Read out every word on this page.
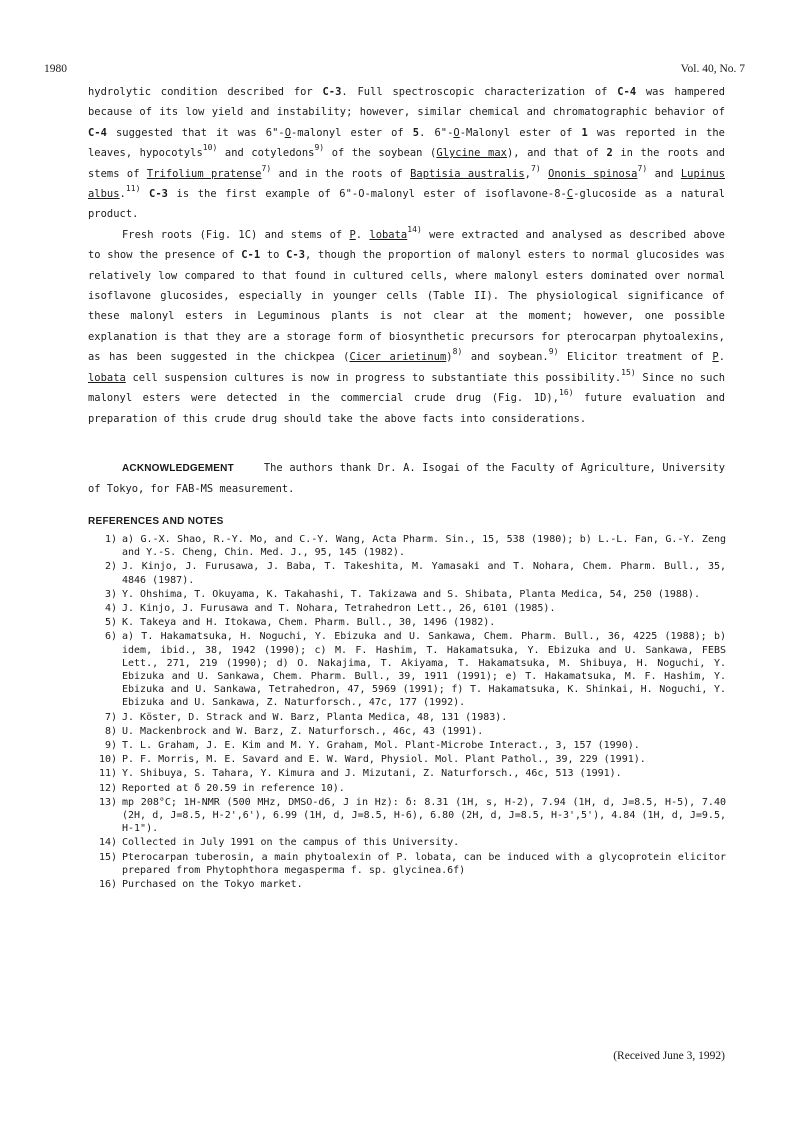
1980	Vol. 40, No. 7

hydrolytic condition described for C-3. Full spectroscopic characterization of C-4 was hampered because of its low yield and instability; however, similar chemical and chromatographic behavior of C-4 suggested that it was 6"-O-malonyl ester of 5. 6"-O-Malonyl ester of 1 was reported in the leaves, hypocotyls$^{10)}$ and cotyledons$^{9)}$ of the soybean (Glycine max), and that of 2 in the roots and stems of Trifolium pratense$^{7)}$ and in the roots of Baptisia australis,$^{7)}$ Ononis spinosa$^{7)}$ and Lupinus albus.$^{11)}$ C-3 is the first example of 6"-O-malonyl ester of isoflavone-8-C-glucoside as a natural product.

Fresh roots (Fig. 1C) and stems of P. lobata$^{14)}$ were extracted and analysed as described above to show the presence of C-1 to C-3, though the proportion of malonyl esters to normal glucosides was relatively low compared to that found in cultured cells, where malonyl esters dominated over normal isoflavone glucosides, especially in younger cells (Table II). The physiological significance of these malonyl esters in Leguminous plants is not clear at the moment; however, one possible explanation is that they are a storage form of biosynthetic precursors for pterocarpan phytoalexins, as has been suggested in the chickpea (Cicer arietinum)$^{8)}$ and soybean.$^{9)}$ Elicitor treatment of P. lobata cell suspension cultures is now in progress to substantiate this possibility.$^{15)}$ Since no such malonyl esters were detected in the commercial crude drug (Fig. 1D),$^{16)}$ future evaluation and preparation of this crude drug should take the above facts into considerations.

ACKNOWLEDGEMENT	The authors thank Dr. A. Isogai of the Faculty of Agriculture, University of Tokyo, for FAB-MS measurement.
REFERENCES AND NOTES
1) a) G.-X. Shao, R.-Y. Mo, and C.-Y. Wang, Acta Pharm. Sin., 15, 538 (1980); b) L.-L. Fan, G.-Y. Zeng and Y.-S. Cheng, Chin. Med. J., 95, 145 (1982).
2) J. Kinjo, J. Furusawa, J. Baba, T. Takeshita, M. Yamasaki and T. Nohara, Chem. Pharm. Bull., 35, 4846 (1987).
3) Y. Ohshima, T. Okuyama, K. Takahashi, T. Takizawa and S. Shibata, Planta Medica, 54, 250 (1988).
4) J. Kinjo, J. Furusawa and T. Nohara, Tetrahedron Lett., 26, 6101 (1985).
5) K. Takeya and H. Itokawa, Chem. Pharm. Bull., 30, 1496 (1982).
6) a) T. Hakamatsuka, H. Noguchi, Y. Ebizuka and U. Sankawa, Chem. Pharm. Bull., 36, 4225 (1988); b) idem, ibid., 38, 1942 (1990); c) M. F. Hashim, T. Hakamatsuka, Y. Ebizuka and U. Sankawa, FEBS Lett., 271, 219 (1990); d) O. Nakajima, T. Akiyama, T. Hakamatsuka, M. Shibuya, H. Noguchi, Y. Ebizuka and U. Sankawa, Chem. Pharm. Bull., 39, 1911 (1991); e) T. Hakamatsuka, M. F. Hashim, Y. Ebizuka and U. Sankawa, Tetrahedron, 47, 5969 (1991); f) T. Hakamatsuka, K. Shinkai, H. Noguchi, Y. Ebizuka and U. Sankawa, Z. Naturforsch., 47c, 177 (1992).
7) J. Köster, D. Strack and W. Barz, Planta Medica, 48, 131 (1983).
8) U. Mackenbrock and W. Barz, Z. Naturforsch., 46c, 43 (1991).
9) T. L. Graham, J. E. Kim and M. Y. Graham, Mol. Plant-Microbe Interact., 3, 157 (1990).
10) P. F. Morris, M. E. Savard and E. W. Ward, Physiol. Mol. Plant Pathol., 39, 229 (1991).
11) Y. Shibuya, S. Tahara, Y. Kimura and J. Mizutani, Z. Naturforsch., 46c, 513 (1991).
12) Reported at δ 20.59 in reference 10).
13) mp 208°C; 1H-NMR (500 MHz, DMSO-d6, J in Hz): δ: 8.31 (1H, s, H-2), 7.94 (1H, d, J=8.5, H-5), 7.40 (2H, d, J=8.5, H-2',6'), 6.99 (1H, d, J=8.5, H-6), 6.80 (2H, d, J=8.5, H-3',5'), 4.84 (1H, d, J=9.5, H-1").
14) Collected in July 1991 on the campus of this University.
15) Pterocarpan tuberosin, a main phytoalexin of P. lobata, can be induced with a glycoprotein elicitor prepared from Phytophthora megasperma f. sp. glycinea.6f)
16) Purchased on the Tokyo market.
(Received June 3, 1992)
